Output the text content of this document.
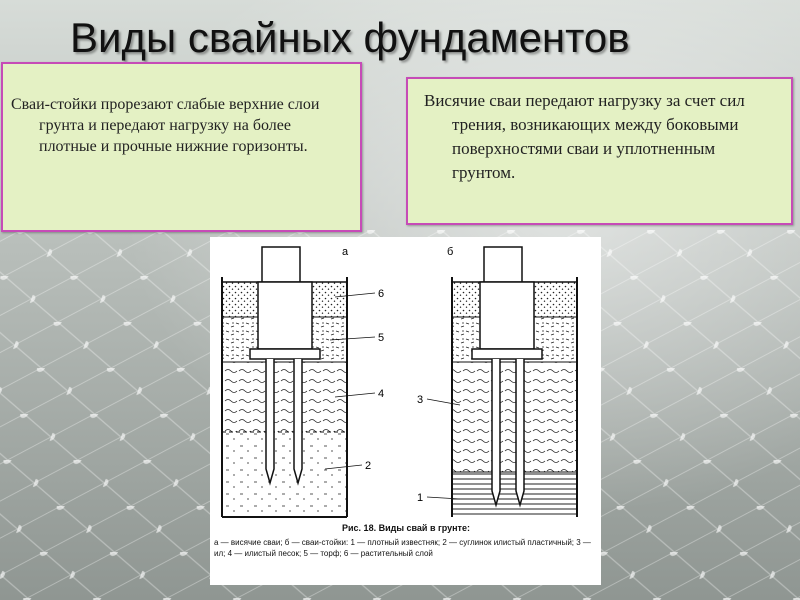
Виды свайных фундаментов

Сваи-стойки прорезают слабые верхние слои грунта и передают нагрузку на более плотные и прочные нижние горизонты.

Висячие сваи передают нагрузку за счет сил трения, возникающих между боковыми поверхностями сваи и уплотненным грунтом.

а	б
6
5
4
2
3
1
Рис. 18. Виды свай в грунте:
а — висячие сваи; б — сваи-стойки: 1 — плотный известняк; 2 — суглинок илистый пластичный; 3 — ил; 4 — илистый песок; 5 — торф; 6 — растительный слой
